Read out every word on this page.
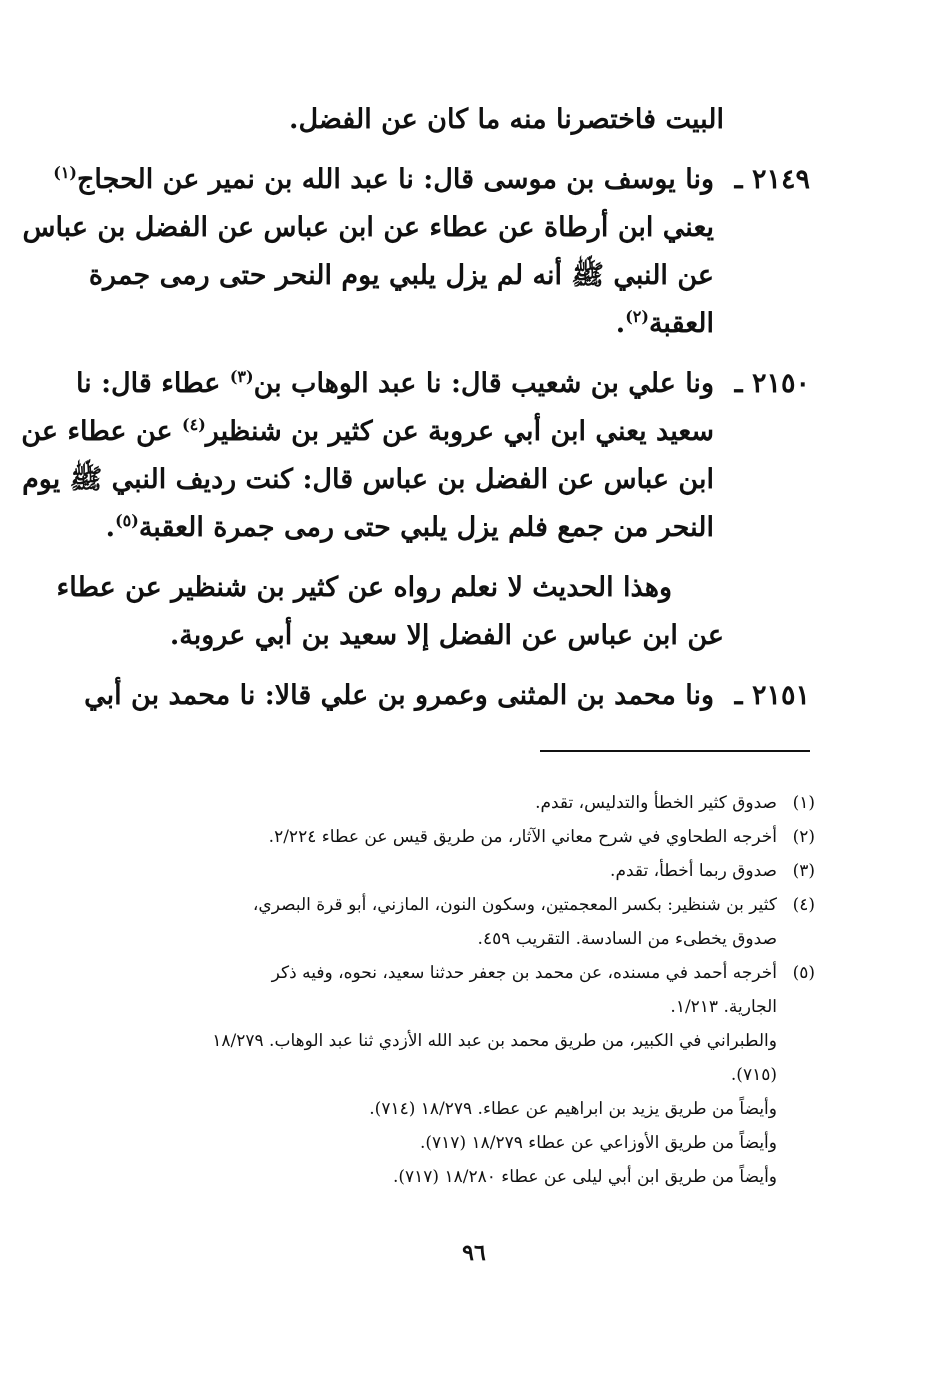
البيت فاختصرنا منه ما كان عن الفضل.
٢١٤٩ ـ
ونا يوسف بن موسى قال: نا عبد الله بن نمير عن الحجاج$^{(١)}$
يعني ابن أرطاة عن عطاء عن ابن عباس عن الفضل بن عباس
عن النبي ﷺ أنه لم يزل يلبي يوم النحر حتى رمى جمرة
العقبة$^{(٢)}$.
٢١٥٠ ـ
ونا علي بن شعيب قال: نا عبد الوهاب بن$^{(٣)}$ عطاء قال: نا
سعيد يعني ابن أبي عروبة عن كثير بن شنظير$^{(٤)}$ عن عطاء عن
ابن عباس عن الفضل بن عباس قال: كنت رديف النبي ﷺ يوم
النحر من جمع فلم يزل يلبي حتى رمى جمرة العقبة$^{(٥)}$.
وهذا الحديث لا نعلم رواه عن كثير بن شنظير عن عطاء
عن ابن عباس عن الفضل إلا سعيد بن أبي عروبة.
٢١٥١ ـ
ونا محمد بن المثنى وعمرو بن علي قالا: نا محمد بن أبي
(١)
صدوق كثير الخطأ والتدليس، تقدم.
(٢)
أخرجه الطحاوي في شرح معاني الآثار، من طريق قيس عن عطاء ٢/٢٢٤.
(٣)
صدوق ربما أخطأ، تقدم.
(٤)
كثير بن شنظير: بكسر المعجمتين، وسكون النون، المازني، أبو قرة البصري،
صدوق يخطىء من السادسة. التقريب ٤٥٩.
(٥)
أخرجه أحمد في مسنده، عن محمد بن جعفر حدثنا سعيد، نحوه، وفيه ذكر
الجارية. ١/٢١٣.
والطبراني في الكبير، من طريق محمد بن عبد الله الأزدي ثنا عبد الوهاب. ١٨/٢٧٩
(٧١٥).
وأيضاً من طريق يزيد بن ابراهيم عن عطاء. ١٨/٢٧٩ (٧١٤).
وأيضاً من طريق الأوزاعي عن عطاء ١٨/٢٧٩ (٧١٧).
وأيضاً من طريق ابن أبي ليلى عن عطاء ١٨/٢٨٠ (٧١٧).
٩٦
